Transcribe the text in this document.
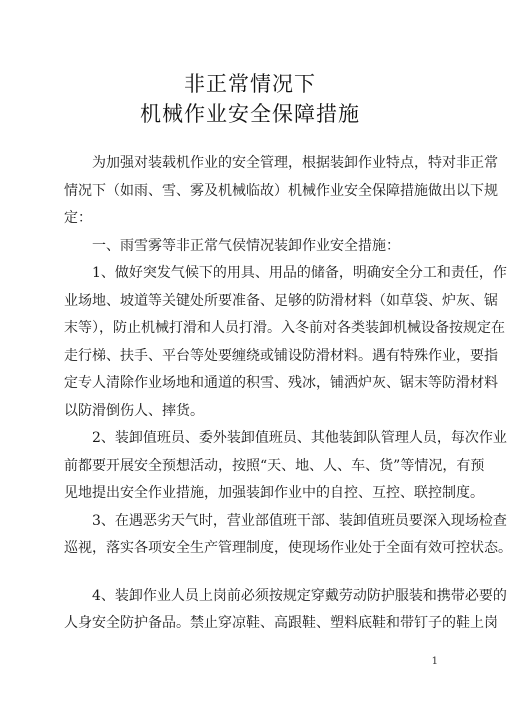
非正常情况下
机械作业安全保障措施
为加强对装载机作业的安全管理，根据装卸作业特点，特对非正常
情况下（如雨、雪、雾及机械临故）机械作业安全保障措施做出以下规
定：
一、雨雪雾等非正常气侯情况装卸作业安全措施：
1、做好突发气候下的用具、用品的储备，明确安全分工和责任，作
业场地、坡道等关键处所要准备、足够的防滑材料（如草袋、炉灰、锯
末等），防止机械打滑和人员打滑。入冬前对各类装卸机械设备按规定在
走行梯、扶手、平台等处要缠绕或铺设防滑材料。遇有特殊作业，要指
定专人清除作业场地和通道的积雪、残冰，铺洒炉灰、锯末等防滑材料
以防滑倒伤人、摔货。
2、装卸值班员、委外装卸值班员、其他装卸队管理人员，每次作业
前都要开展安全预想活动，按照“天、地、人、车、货”等情况，有预
见地提出安全作业措施，加强装卸作业中的自控、互控、联控制度。
3、在遇恶劣天气时，营业部值班干部、装卸值班员要深入现场检查
巡视，落实各项安全生产管理制度，使现场作业处于全面有效可控状态。
4、装卸作业人员上岗前必须按规定穿戴劳动防护服装和携带必要的
人身安全防护备品。禁止穿凉鞋、高跟鞋、塑料底鞋和带钉子的鞋上岗
1
